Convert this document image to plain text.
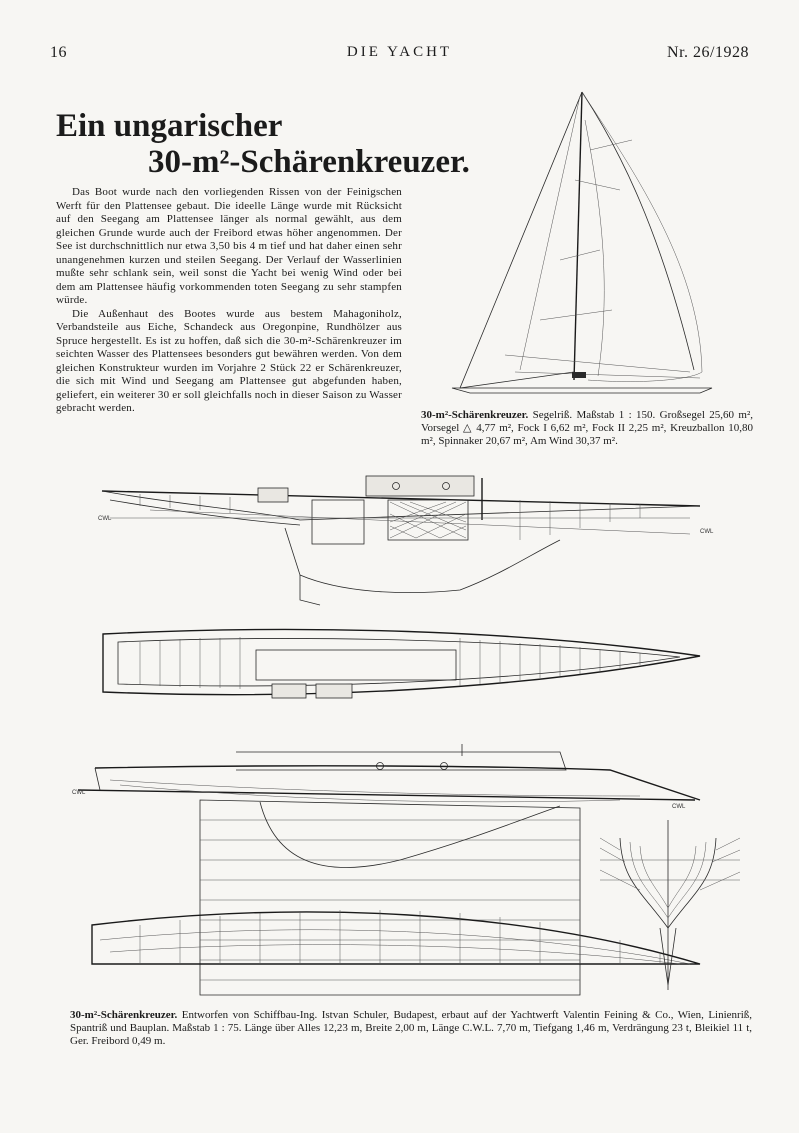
16	DIE YACHT	Nr. 26/1928
Ein ungarischer
30-m²-Schärenkreuzer.

Das Boot wurde nach den vorliegenden Rissen von der Feinigschen Werft für den Plattensee gebaut. Die ideelle Länge wurde mit Rücksicht auf den Seegang am Plattensee länger als normal gewählt, aus dem gleichen Grunde wurde auch der Freibord etwas höher angenommen. Der See ist durchschnittlich nur etwa 3,50 bis 4 m tief und hat daher einen sehr unangenehmen kurzen und steilen Seegang. Der Verlauf der Wasserlinien mußte sehr schlank sein, weil sonst die Yacht bei wenig Wind oder bei dem am Plattensee häufig vorkommenden toten Seegang zu sehr stampfen würde.

Die Außenhaut des Bootes wurde aus bestem Mahagoniholz, Verbandsteile aus Eiche, Schandeck aus Oregonpine, Rundhölzer aus Spruce hergestellt. Es ist zu hoffen, daß sich die 30-m²-Schärenkreuzer im seichten Wasser des Plattensees besonders gut bewähren werden. Von dem gleichen Konstrukteur wurden im Vorjahre 2 Stück 22 er Schärenkreuzer, die sich mit Wind und Seegang am Plattensee gut abgefunden haben, geliefert, ein weiterer 30 er soll gleichfalls noch in dieser Saison zu Wasser gebracht werden.

CWL
CWL
CWL
CWL
30-m²-Schärenkreuzer. Segelriß. Maßstab 1 : 150. Großsegel 25,60 m², Vorsegel △ 4,77 m², Fock I 6,62 m², Fock II 2,25 m², Kreuzballon 10,80 m², Spinnaker 20,67 m², Am Wind 30,37 m².
30-m²-Schärenkreuzer. Entworfen von Schiffbau-Ing. Istvan Schuler, Budapest, erbaut auf der Yachtwerft Valentin Feining & Co., Wien, Linienriß, Spantriß und Bauplan. Maßstab 1 : 75. Länge über Alles 12,23 m, Breite 2,00 m, Länge C.W.L. 7,70 m, Tiefgang 1,46 m, Verdrängung 23 t, Bleikiel 11 t, Ger. Freibord 0,49 m.
